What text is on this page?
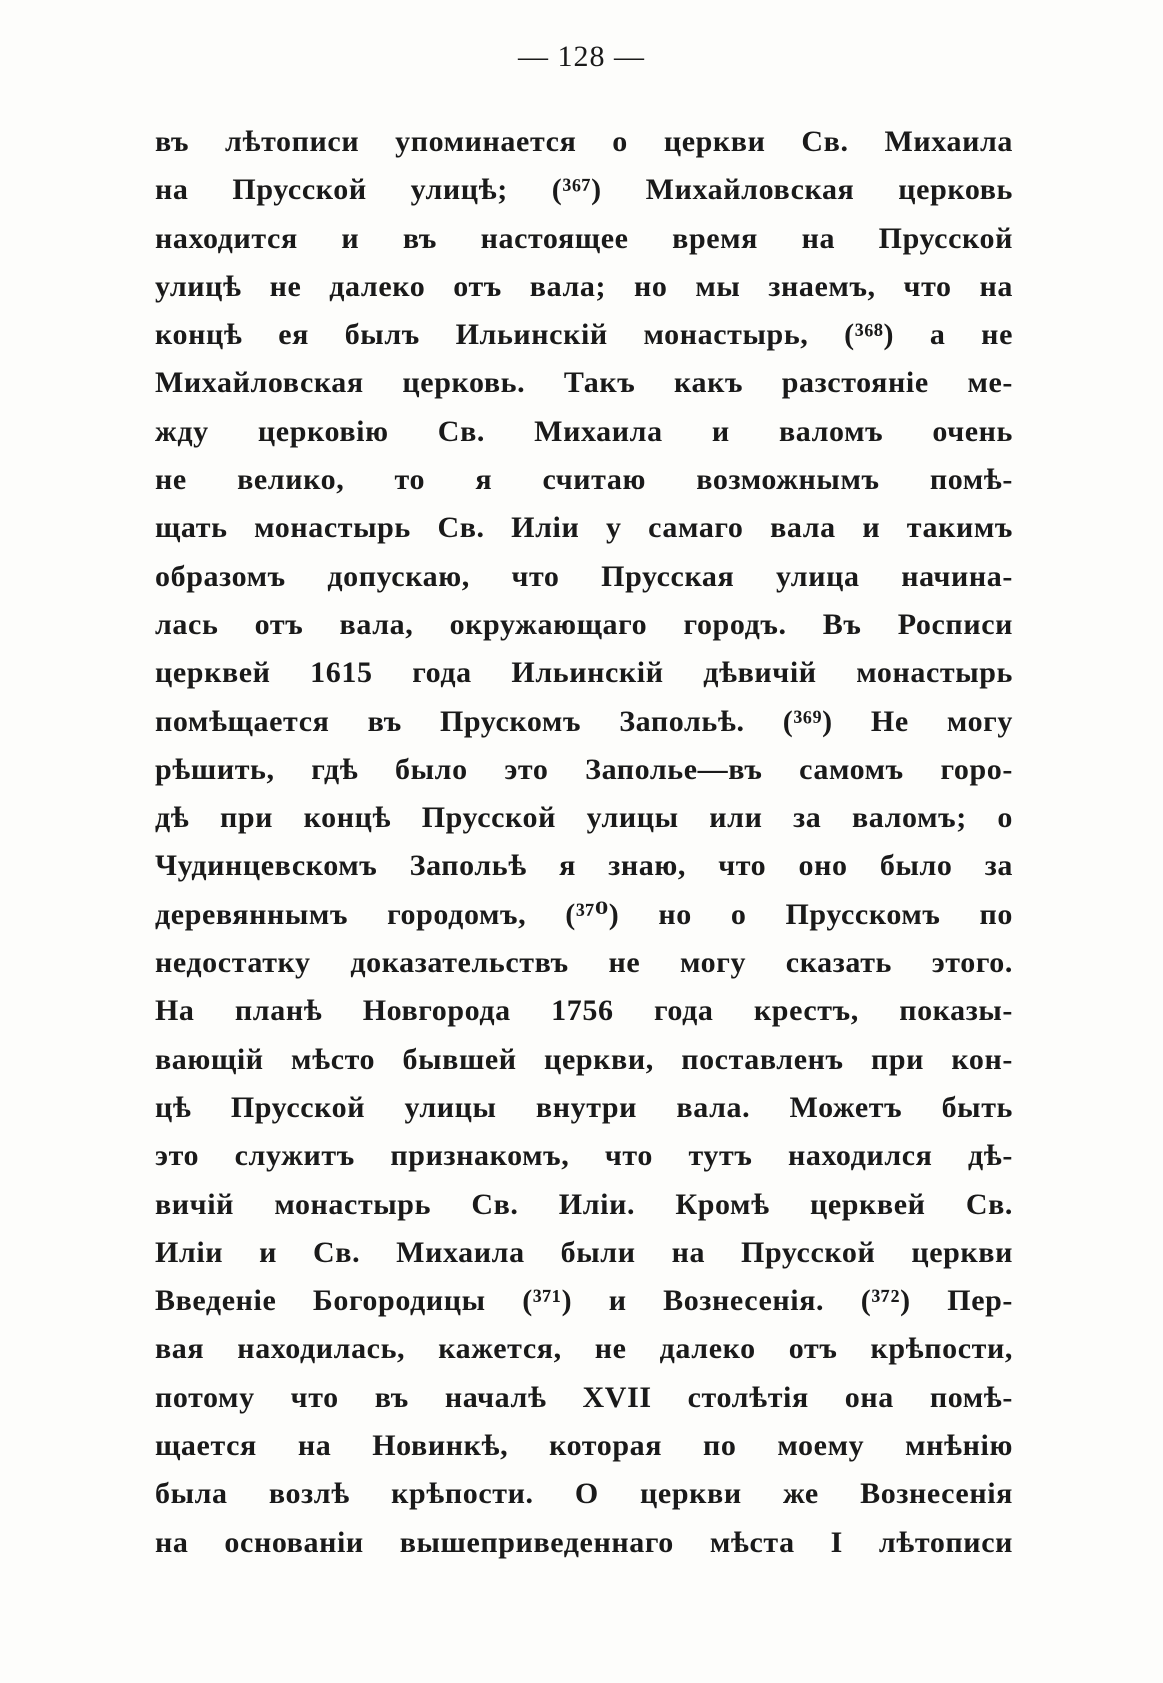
— 128 —
въ лѣтописи упоминается о церкви Св. Михаила
на Прусской улицѣ; (³⁶⁷) Михайловская церковь
находится и въ настоящее время на Прусской
улицѣ не далеко отъ вала; но мы знаемъ, что на
концѣ ея былъ Ильинскій монастырь, (³⁶⁸) а не
Михайловская церковь. Такъ какъ разстояніе ме-
жду церковію Св. Михаила и валомъ очень
не велико, то я считаю возможнымъ помѣ-
щать монастырь Св. Иліи у самаго вала и такимъ
образомъ допускаю, что Прусская улица начина-
лась отъ вала, окружающаго городъ. Въ Росписи
церквей 1615 года Ильинскій дѣвичій монастырь
помѣщается въ Прускомъ Запольѣ. (³⁶⁹) Не могу
рѣшить, гдѣ было это Заполье—въ самомъ горо-
дѣ при концѣ Прусской улицы или за валомъ; о
Чудинцевскомъ Запольѣ я знаю, что оно было за
деревяннымъ городомъ, (³⁷⁰) но о Прусскомъ по
недостатку доказательствъ не могу сказать этого.
На планѣ Новгорода 1756 года крестъ, показы-
вающій мѣсто бывшей церкви, поставленъ при кон-
цѣ Прусской улицы внутри вала. Можетъ быть
это служитъ признакомъ, что тутъ находился дѣ-
вичій монастырь Св. Иліи. Кромѣ церквей Св.
Иліи и Св. Михаила были на Прусской церкви
Введеніе Богородицы (³⁷¹) и Вознесенія. (³⁷²) Пер-
вая находилась, кажется, не далеко отъ крѣпости,
потому что въ началѣ XVII столѣтія она помѣ-
щается на Новинкѣ, которая по моему мнѣнію
была возлѣ крѣпости. О церкви же Вознесенія
на основаніи вышеприведеннаго мѣста I лѣтописи
